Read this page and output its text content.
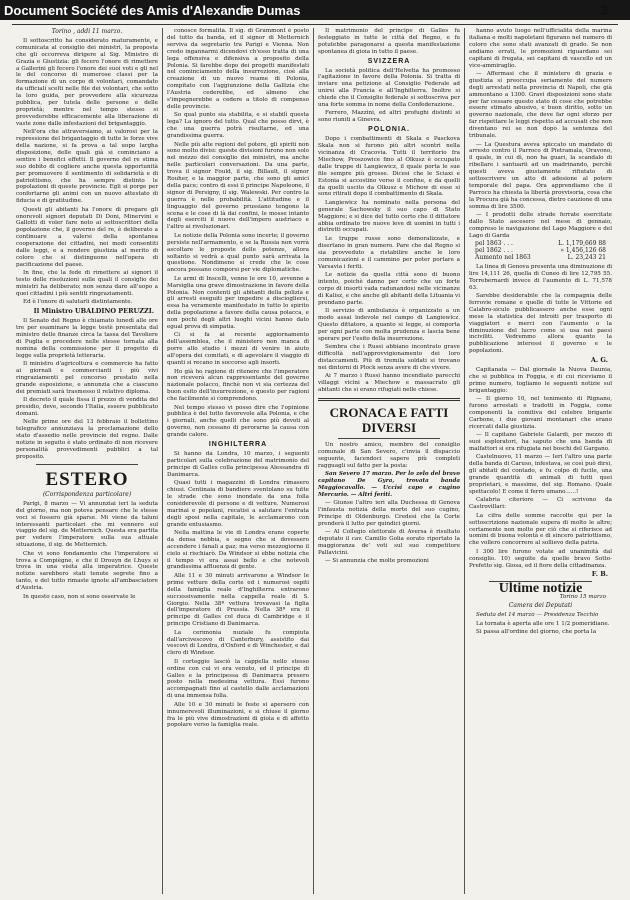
Document Société des Amis d'Alexandr
ie Dumas	3
Torino , addì 11 marzo.

Il sottoscritto ha considerato maturamente, e comunicata al consiglio dei ministri, la proposta che gli occorreva dirigere al Sig. Ministro di Grazia e Giustizia: gli fecero l'onore di rimettere a Gallerini gli fecero l'onore dei suoi voti e gli nel le del concorso di numerose classi per la formazione di un corpo di volontari, comandato da ufficiali scelti nelle file dei volontari, che sotto la loro guida, per provvedere alla sicurezza pubblica, per tutela delle persone e delle proprietà; mentre nel tempo stesso si provvederebbe efficacemente alla liberazione di vaste zone dalle infestazioni del brigantaggio.

Nell'ora che attraversiamo, ai valorosi per la repressione del brigantaggio di tutte le forze vive della nazione, si fa prova a tal uopo largha disposizione, delle quali già si cominciano a sentire i benefici effetti. Il governo del re stima suo debito di cogliere anche questa opportunità per promuovere il sentimento di solidarietà e di patriottismo, che ha sempre distinto le popolazioni di queste provincie. Egli si porge per confortarne gli animi con un nuovo attestato di fiducia e di gratitudine.

Questi gli abitanti ha l'onore di pregare gli onorevoli signori deputati Di Doni, Minervini e Gallotti di voler fare noto ai sottoscrittori della popolazione che, il governo del re, è deliberato a continuare a valersi della spontanea cooperazione dei cittadini, nei modi consentiti dalle leggi, e a rendere giustizia al merito di coloro che si distinguono nell'opera di pacificazione del paese.

In fine, che la fede di rimettere ai signori il testo delle risoluzioni sulle quali il consiglio dei ministri ha deliberato; non senza dare all'uopo a quei cittadini i più sentiti ringraziamenti.

Ed è l'onore di salutarli distintamente.

Il Ministro UBALDINO PERUZZI.

Il Senato del Regno è chiamato lunedì alle ore tre per esaminare la legge testè presentata dal ministro delle finanze circa la tassa del Tavoliere di Puglia e procedere nelle stesse tornata alla nomina della commissione per il progetto di legge sulla proprietà letteraria.

Il ministro d'agricoltura e commercio ha fatto ai giornali e commercianti i più vivi ringraziamenti pel concorso prestato nella grande esposizione, e annunzia che a ciascuno dei premiati sarà trasmesso il relativo diploma.

Il decreto il quale fissa il prezzo di vendita del presidio, deve, secondo l'Italia, essere pubblicato domani.

Nelle prime ore del 13 febbraio il bollettino telegrafico annunziava la proclamazione dello stato d'assedio nelle provincie del regno. Dalle notizie in seguito è stato ordinato di non ricevere personalità provvedimenti pubblici a tal proposito.

ESTERO
(Corrispondenza particolare)

Parigi, 8 marzo — Vi annunziai ieri la seduta del giorno, ma non poteva pensare che le stesse voci si fossero già sparse. Mi viene da taluni interessanti particolari che mi vennero sul viaggio del sig. de Metternich. Questa era partita per vedere l'imperatore sulla sua attuale situazione, il sig. de Metternich.

Che vi sono fondamento che l'imperatore si trova a Compiègne, e che il Drouyn de Lhuys si trova in una visita alla imperatrice. Queste notizie sarebbero stati tenute segrete fino a tanto, e del tutto rimaste ignote all'ambasciatore d'Austria.

In questo caso, non si sono osservate le

conosce formalità. Il sig. di Grammont è posto del tutto da banda, ed il signor di Metternich serviva da segretario tra Parigi e Vienna. Non credo ingannarmi dicendovi ch'esso tratta di una lega offensiva e difensiva a proposito della Polonia. Si farebbe dopo dei progetti manifestati nel cominciamento della insurrezione, cioè alla creazione di un nuovo reame di Polonia, compitato con l'aggiunzione della Gallizia che l'Austria cederebbe, ed almeno che s'impegnerebbe a cedere a titolo di compenso delle provincie.

So qual punto sia stabilita, e si stabilì questa lega? La ignoro del tutto. Qual che posso dirvi, è che una guerra potrà risultarne, ed una grandissima guerra.

Nelle più alte regioni del potere, gli spiriti non sono molto divisi: queste divisioni furono non solo nel mezzo del consiglio dei ministri, ma anche nelle particolari conversazioni. Da una parte, trova il signor Fould, il sig. Billault, il signor Rouher, e la maggior parte, che sono gli amici della pace; contro di essi il principe Napoleone, il signor di Persigny, il sig. Walewski. Per contro la guerra è nelle probabilità. L'attitudine e il linguaggio del governo prussiano tengono la scena e le cose di là dai confini, le mosse intanto degli eserciti il nuovo dell'impero austriaco e l'altro ai rivoluzionari.

Le notizie della Polonia sono incerte; il governo persiste nell'armamento, e se la Russia non vorrà ascoltare le proposte delle potenze, allora soltanto si vedrà a qual punto sarà arrivata la questione. Nondimeno si crede che le cose ancora possano comporsi per vie diplomatiche.

Le armi di Inscelli, venne le ore 10, avvenne a Marsiglia una grave dimostrazione in favore della Polonia. Non contenti gli abitanti della polizia e gli arresti eseguiti per impedire a disciogliersi, essa ha veramente manifestato in tutto lo spirito della popolazione a favore della causa polacca, e non pochi degli altri luoghi vicini hanno dato egual prova di simpatia.

Ci si fa ai recente aggiornamento dell'assemblea, che il ministero non manca di porre allo studio i mezzi di venire in aiuto all'opera dei comitati, e di agevolare il viaggio di quanti si recano in soccorso agli insorti.

Ho già ho ragione di ritenere che l'imperatore non riceverà alcun rappresentante del governo nazionale polacco, finchè non vi sia certezza del buon esito dell'insurrezione, e questo per ragioni che facilmente si comprendono.

Nel tempo stesso vi posso dire che l'opinione pubblica è del tutto favorevole alla Polonia, e che i giornali, anche quelli che sono più devoti al governo, non cessano di perorarne la causa con grande calore.

INGHILTERRA

Si hanno da Londra, 10 marzo, i seguenti particolari sulla celebrazione del matrimonio del principe di Galles colla principessa Alessandra di Danimarca.

Quasi tutti i magazzini di Londra rimasero chiusi. Centinaia di bandiere sventolano su tutte le strade che sono inondate da una folla considerevole di persone e di vetture. Numerosi marinai e popolani, recatisi a salutare l'entrata degli sposi nella capitale, le acclamarono con grande entusiasmo.

Nella mattina le vie di Londra erano coperte da densa nebbia, e segno che si dovessero accendere i fanali a gaz; ma verso mezzogiorno il cielo si rischiarò. Da Windsor si ebbe notizia che il tempo vi era assai bello e che notevoli grandissima affluenza di gente.

Alle 11 e 30 minuti arrivarono a Windsor le prime vetture della corte ed i numerosi ospiti della famiglia reale d'Inghilterra entrarono successivamente nella cappella reale di S. Giorgio. Nella 38ª vettura trovavasi la figlia dell'imperatore di Prussia. Nella 38ª era il principe di Galles col duca di Cambridge e il principe Cristiano di Danimarca.

La cerimonia nuziale fu compiuta dall'arcivescovo di Canterbury, assistito dai vescovi di Londra, d'Oxford e di Winchester, e dal clero di Windsor.

Il corteggio lasciò la cappella nello stesso ordine con cui vi era venuto, ed il principe di Galles e la principessa di Danimarca presero posto nella medesima vettura. Essi furono accompagnati fino al castello dalle acclamazioni di una immensa folla.

Alle 10 e 30 minuti le feste si apersero con innumerevoli illuminazioni, e si chiuse il giorno fra le più vive dimostrazioni di gioia e di affetto popolare verso la famiglia reale.

Il matrimonio del principe di Galles fu festeggiato in tutte le città del Regno, e fu potutebbe paragonarsi a questa manifestazione spontanea di gioia in tutto il paese.

SVIZZERA

La società politica dell'Helvetia ha promosso l'agitazione in favore della Polonia. Si tratta di inviare una petizione al Consiglio Federale ad unirsi alla Francia e all'Inghilterra. Inoltre si chiede che il Consiglio federale si sottoscriva per una forte somma in nome della Confederazione.

Ferrero, Mazzini, ed altri profughi distinti si sono riuniti a Ginevra.

POLONIA.

Dopo i combattimenti di Skala e Pasckova Skala non si furono più altri scontri nella vicinanza di Cracovia. Tutti il territorio fra Miechow, Proszowice fino al Olkusz è occupato dalle truppe di Langiewicz, il quale porta le sue file sempre più grosse. Dicesi che le Sciaxi e Estonia si accostino verso il confine, e da quelli da quelli uscito da Olkusz e Michow di esse si sono ritirati dopo il combattimento di Skala.

Langiewicz ha nominato nella persona del generale Sachowsky il suo capo di Stato Maggiore; e si dice del tutto certo che il dittatore abbia ordinato tre nuove leve di uomini in tutti i distretti occupati.

Le truppe russe sono demoralizzate, e disertano in gran numero. Pare che dal Regno si sia provveduto a ristabilire anche le loro comunicazioni e il cammino per poter portare a Varsavia i feriti.

Le notizie da quella città sono di buono intento, poichè danno per certo che un forte corpo di insorti vada radunandosi nelle vicinanze di Kalisz, e che anche gli abitanti della Lituania vi prendano parte.

Il servizio di ambulanza è organizzato a un modo assai lodevole nel campo di Langiewicz. Questo dittatore, a quanto si legge, si comporta per ogni parte con molta prudenza e lascia bene sperare per l'esito della insurrezione.

Sembra che i Russi abbiano incontrato grave difficoltà nell'approvvigionamento dei loro distaccamenti. Più di tremila soldati si trovano nei dintorni di Plock senza avere di che vivere.

Ai 7 marzo i Russi hanno incendiato parecchi villaggi vicini a Miechow e massacrato gli abitanti che si erano rifugiati nelle chiese.

CRONACA E FATTI DIVERSI

Un nostro amico, membro del consiglio comunale di San Severo, c'invia il dispaccio seguente, facendoci sapere più completi ragguagli sul fatto per la posta:

San Severo 17 marzo. Per lo zelo del bravo capitano De Gyra, trovata banda Maggiocavallo. — Uccisi capo e cugino Mercurio. — Altri feriti.

— Giunse l'altro ieri alla Duchessa di Genova l'infausta notizia della morte del suo cugino, Principe di Oldenburgo. Credesi che la Corte prenderà il lutto per quindici giorni.

— Al Collegio elettorale di Aversa è risultato deputato il cav. Camillo Golia eorato riportato la maggioranza de' voti sul suo competitore Pallavicini.

— Si annunzia che molte promozioni

hanno avuto luogo nell'ufficialità della marina italiana e molti napoletani figurano nel numero di coloro che sono stati avanzati di grado. Se non andiamo errati, le promozioni riguardano sei capitani di fregata, sei capitani di vascello ed un vice-ammiraglio.

— Affermasi che il ministero di grazia e giustizia si preoccupa seriamente del numero degli arrestati nella provincia di Napoli, che già ammontano a 1300. Gravi disposizioni sono state per far cessare questo stato di cose che potrebbe essere stimato abusivo, e buon diritto, sotto un governo nazionale, che deve far ogni sforzo per far rispettare le leggi rispetto ad accusati che non diventano rei se non dopo la sentenza del tribunale.

— La Questura aveva spiccato un mandato di arresto contro il Parroco di Pietramala, Oravono, il quale, in cui dì, non ha guari, la scandalo di ribellare i santuarii ad un madrinando, perchè questi aveva giustamente rifiutato di sottoscrivere un atto di adesione al potere temporale del papa. Ora apprendiamo che il Parroco ha chiesta la libertà provvisoria, cosa che la Procura già ha concessa, dietro cauzione di una somma di lire 3500.

— I prodotti delle strade ferrate esercitate dallo Stato ascesero nel mese di gennaio, compreso le navigazione del Lago Maggiore e del Lago di Garda

pel 1863 . . .	L. 1,179,669 88
pel 1862 . . .	» 1,456,126 68
Aumento nel 1863	L. 23,243 21

La linea di Genova presenta una diminuzione di lire 14,111 26, quella di Cuneo di lire 12,795 55. Torrebernardi invece di l'aumento di L. 71,578 63.

Sarebbe desiderabile che la compagnia delle ferrovie romane e quelle di tutte le Vittorie ed Calabro-sicule pubblicassero anche esse ogni mese la statistica dei introiti per trasporto di viaggiatori e merci con l'aumento o la diminuzione del lucro come si usa nei paesi inciviliti. Vedremmo allora quanto la pubblicazione interessi il governo e le popolazioni.

A. G.

Capitanata — Dal giornale la Nuova Daunia, che si pubblica in Foggia, e di cui riceviamo il primo numero, togliamo le seguenti notizie sul brigantaggio:

— Il giorno 10, nel tenimento di Rignano, furono arrestati e tradotti in Foggia, come componenti la comitiva del celebre brigante Carbone, i due giovani montanari che erano ricercati dalla giustizia.

— Il capitano Gabriele Galardi, per mezzo di suoi esploratori, ha saputo che una banda di malfattori si era rifugiata nei boschi del Gargano.

Castelnuovo, 11 marzo — Ieri l'altro una parte della banda di Caruso, infestava, se così può dirsi, gli abitati del contado, e fu colpo di fucile, una grande quantità di animali di tutti quei proprietari, e massime, del sig. Romano. Quale spettacolo! E come il ferro umano......!

Calabria citeriore — Ci scrivono da Castrovillari:

La cifra delle somme raccolte qui per la sottoscrizione nazionale supera di molto le altre; certamente non molte per ciò che si riferisce ad uomini di buona volontà e di sincero patriottismo, che vollero concorrere al sollievo della patria.

I 300 lire furono votate ad unanimità dal consiglio. 10) seguite da quelle bravo Sotto-Prefetto sig. Giosa, ed il fiore della cittadinanza.

F. B.
Ultime notizie
Torino 15 marzo
Camera dei Deputati

Seduta del 14 marzo — Presidenza Tecchio

La tornata è aperta alle ore 1 1/2 pomeridiane.

Si passa all'ordine del giorno, che porta la
